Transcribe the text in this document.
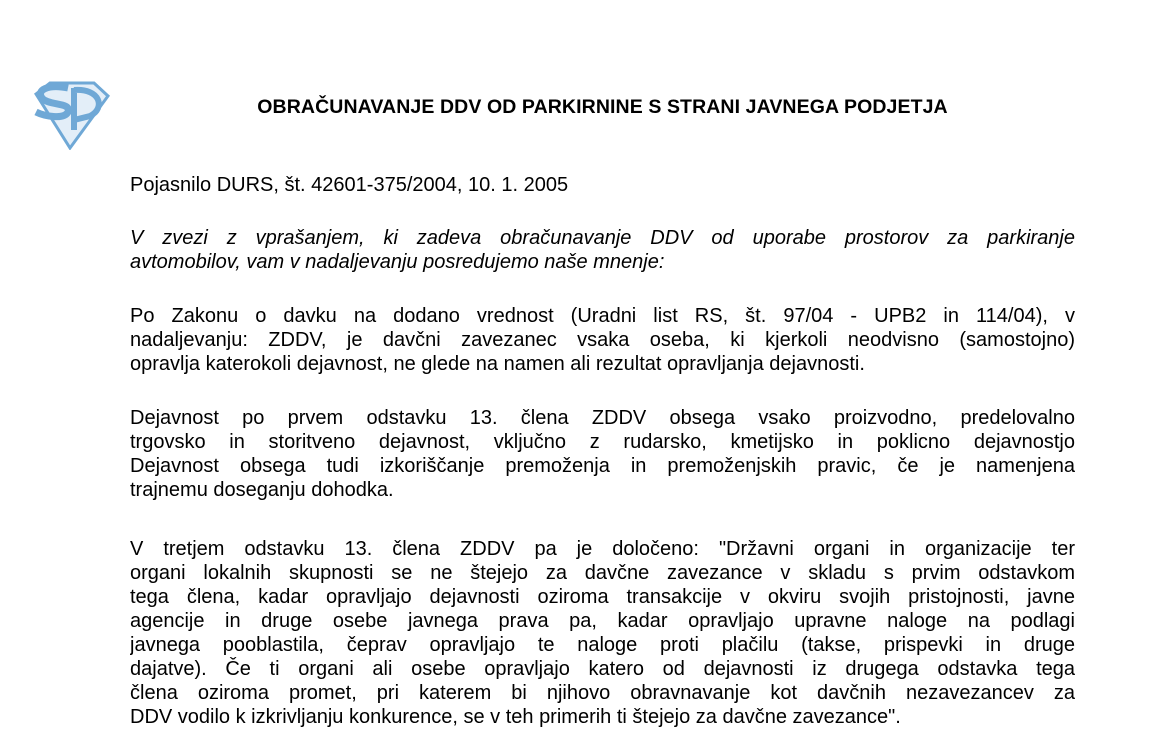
OBRAČUNAVANJE DDV OD PARKIRNINE S STRANI JAVNEGA PODJETJA
Pojasnilo DURS, št. 42601-375/2004, 10. 1. 2005
V zvezi z vprašanjem, ki zadeva obračunavanje DDV od uporabe prostorov za parkiranje
avtomobilov, vam v nadaljevanju posredujemo naše mnenje:
Po Zakonu o davku na dodano vrednost (Uradni list RS, št. 97/04 - UPB2 in 114/04), v
nadaljevanju: ZDDV, je davčni zavezanec vsaka oseba, ki kjerkoli neodvisno (samostojno)
opravlja katerokoli dejavnost, ne glede na namen ali rezultat opravljanja dejavnosti.
Dejavnost po prvem odstavku 13. člena ZDDV obsega vsako proizvodno, predelovalno
trgovsko in storitveno dejavnost, vključno z rudarsko, kmetijsko in poklicno dejavnostjo
Dejavnost obsega tudi izkoriščanje premoženja in premoženjskih pravic, če je namenjena
trajnemu doseganju dohodka.
V tretjem odstavku 13. člena ZDDV pa je določeno: "Državni organi in organizacije ter
organi lokalnih skupnosti se ne štejejo za davčne zavezance v skladu s prvim odstavkom
tega člena, kadar opravljajo dejavnosti oziroma transakcije v okviru svojih pristojnosti, javne
agencije in druge osebe javnega prava pa, kadar opravljajo upravne naloge na podlagi
javnega pooblastila, čeprav opravljajo te naloge proti plačilu (takse, prispevki in druge
dajatve). Če ti organi ali osebe opravljajo katero od dejavnosti iz drugega odstavka tega
člena oziroma promet, pri katerem bi njihovo obravnavanje kot davčnih nezavezancev za
DDV vodilo k izkrivljanju konkurence, se v teh primerih ti štejejo za davčne zavezance".
